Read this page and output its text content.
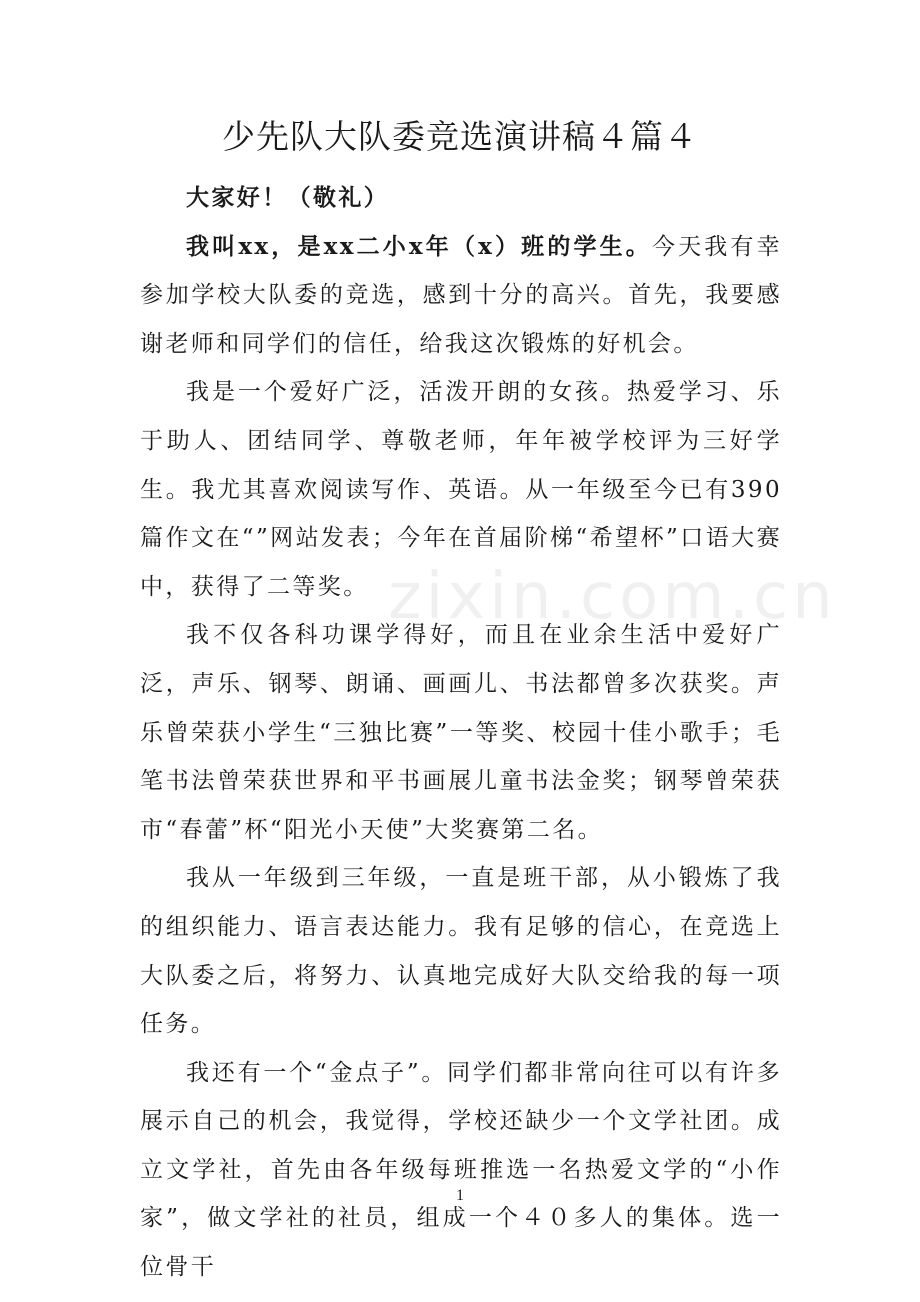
少先队大队委竞选演讲稿４篇４

大家好！（敬礼）

我叫xx，是xx二小x年（x）班的学生。今天我有幸参加学校大队委的竞选，感到十分的高兴。首先，我要感谢老师和同学们的信任，给我这次锻炼的好机会。

我是一个爱好广泛，活泼开朗的女孩。热爱学习、乐于助人、团结同学、尊敬老师，年年被学校评为三好学生。我尤其喜欢阅读写作、英语。从一年级至今已有390篇作文在“”网站发表；今年在首届阶梯“希望杯”口语大赛中，获得了二等奖。

我不仅各科功课学得好，而且在业余生活中爱好广泛，声乐、钢琴、朗诵、画画儿、书法都曾多次获奖。声乐曾荣获小学生“三独比赛”一等奖、校园十佳小歌手；毛笔书法曾荣获世界和平书画展儿童书法金奖；钢琴曾荣获市“春蕾”杯“阳光小天使”大奖赛第二名。

我从一年级到三年级，一直是班干部，从小锻炼了我的组织能力、语言表达能力。我有足够的信心，在竞选上大队委之后，将努力、认真地完成好大队交给我的每一项任务。

我还有一个“金点子”。同学们都非常向往可以有许多展示自己的机会，我觉得，学校还缺少一个文学社团。成立文学社，首先由各年级每班推选一名热爱文学的“小作家”，做文学社的社员，组成一个４０多人的集体。选一位骨干

zixin.com.cn
1
